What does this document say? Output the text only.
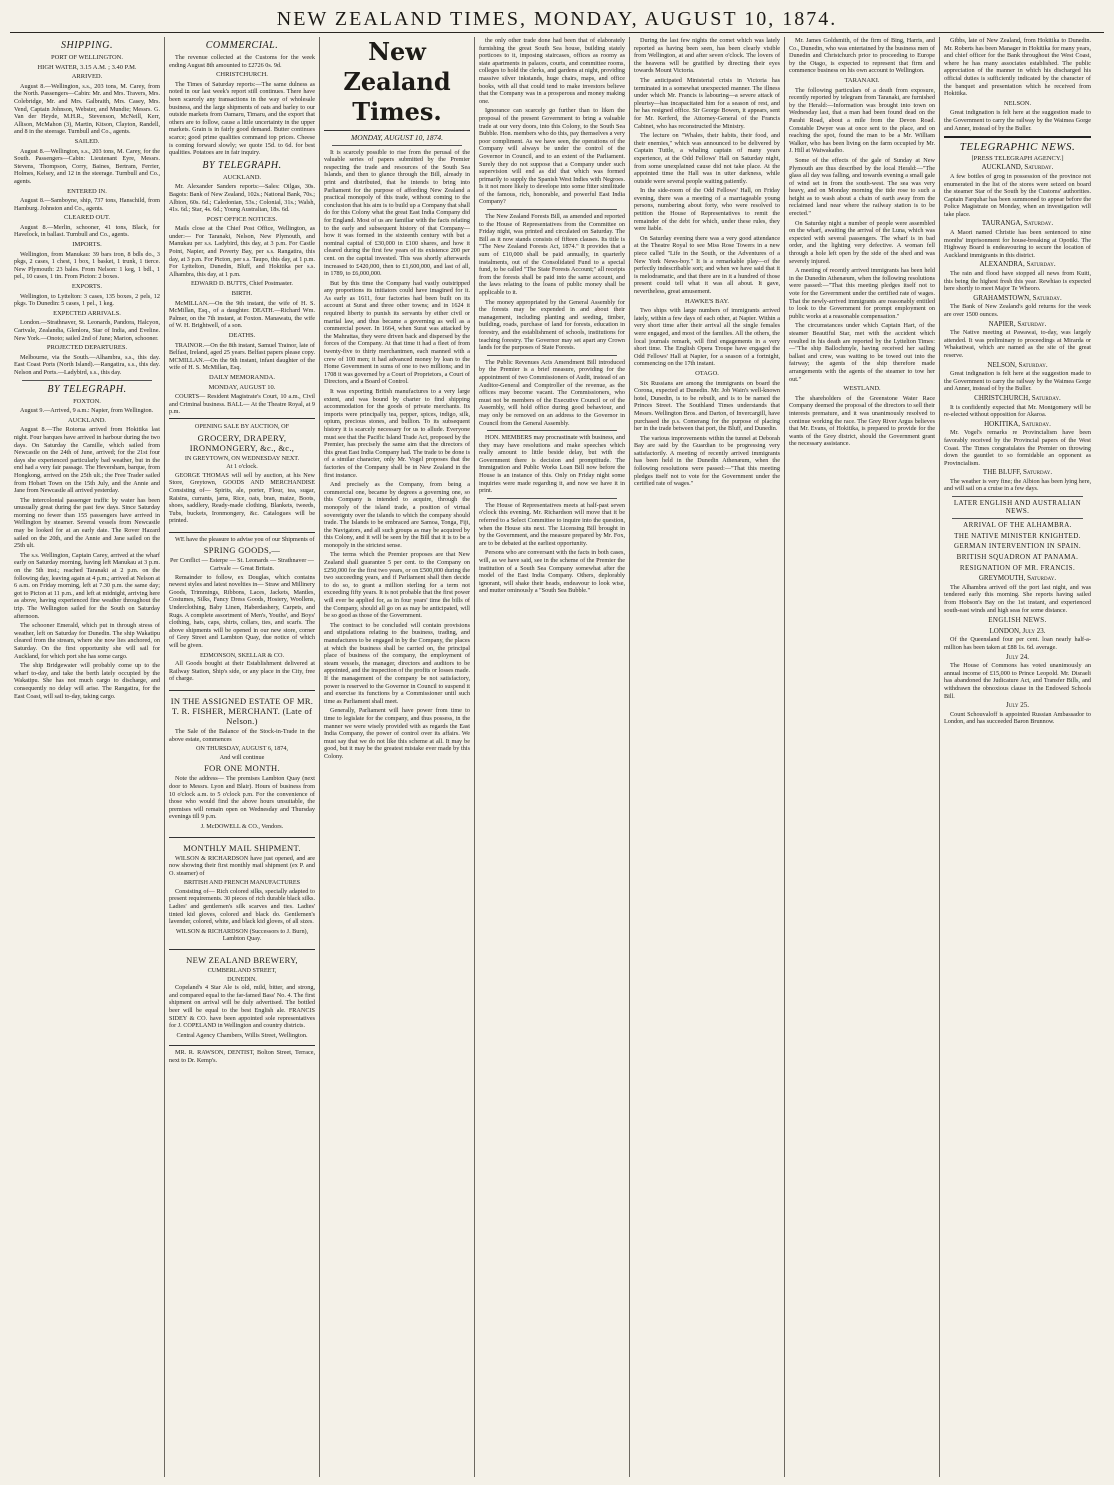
NEW ZEALAND TIMES, MONDAY, AUGUST 10, 1874.
SHIPPING.
PORT OF WELLINGTON.
HIGH WATER, 3.15 A.M. ; 3.40 P.M.
ARRIVED.

August 8.—Wellington, s.s., 203 tons, M. Carey, from the North. Passengers—Cabin: Mr. and Mrs. Travers, Mrs. Colebridge, Mr. and Mrs. Galbraith, Mrs. Casey, Mrs. Vend, Captain Johnson, Webster, and Mundie; Messrs. G. Van der Heyde, M.H.R., Stevenson, McNeill, Kerr, Allison, McMahon (3), Martin, Kitson, Clayton, Randell, and 8 in the steerage. Turnbull and Co., agents.

SAILED.

August 8.—Wellington, s.s., 203 tons, M. Carey, for the South. Passengers—Cabin: Lieutenant Eyre, Messrs. Stevens, Thompson, Corry, Baines, Bertram, Ferrier, Holmes, Kelsey, and 12 in the steerage. Turnbull and Co., agents.

ENTERED IN.

August 8.—Samboyne, ship, 737 tons, Hanschild, from Hamburg. Johnston and Co., agents.

CLEARED OUT.

August 8.—Merlin, schooner, 41 tons, Black, for Havelock, in ballast. Turnbull and Co., agents.

IMPORTS.

Wellington, from Manukau: 39 bars iron, 8 bdls do., 3 pkgs, 2 cases, 1 chest, 1 box, 1 basket, 1 trunk, 1 tierce. New Plymouth: 23 bales. From Nelson: 1 keg, 1 bdl., 1 pel., 10 cases, 1 tin. From Picton: 2 boxes.

EXPORTS.

Wellington, to Lyttelton: 3 cases, 135 boxes, 2 pels, 12 pkgs. To Dunedin: 5 cases, 1 pel., 1 keg.

EXPECTED ARRIVALS.

London.—Strathnaver, St. Leonards, Pandora, Halcyon, Cartvale, Zealandia, Glenlora, Star of India, and Eveline. New York.—Onoto; sailed 2nd of June; Marion, schooner.

PROJECTED DEPARTURES.

Melbourne, via the South.—Alhambra, s.s., this day. East Coast Ports (North Island).—Rangatira, s.s., this day. Nelson and Ports.—Ladybird, s.s., this day.

BY TELEGRAPH.
FOXTON.

August 9.—Arrived, 9 a.m.: Napier, from Wellington.

AUCKLAND.

August 8.—The Rotorua arrived from Hokitika last night. Four barques have arrived in harbour during the two days. On Saturday the Camille, which sailed from Newcastle on the 24th of June, arrived; for the 21st four days she experienced particularly bad weather, but in the end had a very fair passage. The Heversham, barque, from Hongkong, arrived on the 25th ult.; the Free Trader sailed from Hobart Town on the 15th July, and the Annie and Jane from Newcastle all arrived yesterday.

The intercolonial passenger traffic by water has been unusually great during the past few days. Since Saturday morning no fewer than 155 passengers have arrived in Wellington by steamer. Several vessels from Newcastle may be looked for at an early date. The Rover Hazard sailed on the 20th, and the Annie and Jane sailed on the 25th ult.

The s.s. Wellington, Captain Carey, arrived at the wharf early on Saturday morning, having left Manukau at 3 p.m. on the 5th inst.; reached Taranaki at 2 p.m. on the following day, leaving again at 4 p.m.; arrived at Nelson at 6 a.m. on Friday morning, left at 7.30 p.m. the same day; got to Picton at 11 p.m., and left at midnight, arriving here as above, having experienced fine weather throughout the trip. The Wellington sailed for the South on Saturday afternoon.

The schooner Emerald, which put in through stress of weather, left on Saturday for Dunedin. The ship Wakatipu cleared from the stream, where she now lies anchored, on Saturday. On the first opportunity she will sail for Auckland, for which port she has some cargo.

The ship Bridgewater will probably come up to the wharf to-day, and take the berth lately occupied by the Wakatipu. She has not much cargo to discharge, and consequently no delay will arise. The Rangatira, for the East Coast, will sail to-day, taking cargo.

COMMERCIAL.

The revenue collected at the Customs for the week ending August 8th amounted to £2726 0s. 9d.

CHRISTCHURCH.

The Times of Saturday reports:—The same dulness as noted in our last week's report still continues. There have been scarcely any transactions in the way of wholesale business, and the large shipments of oats and barley to our outside markets from Oamaru, Timaru, and the export that others are to follow, cause a little uncertainty in the upper markets. Grain is in fairly good demand. Butter continues scarce; good prime qualities command top prices. Cheese is coming forward slowly; we quote 15d. to 6d. for best qualities. Potatoes are in fair inquiry.

BY TELEGRAPH.
AUCKLAND.

Mr. Alexander Sanders reports:—Sales: Oilgas, 30s. Bagots: Bank of New Zealand, 102s.; National Bank, 70s.; Albion, 60s. 6d.; Caledonian, 53s.; Colonial, 31s.; Walsh, 41s. 6d.; Star, 4s. 6d.; Young Australian, 18s. 6d.

POST OFFICE NOTICES.

Mails close at the Chief Post Office, Wellington, as under:— For Taranaki, Nelson, New Plymouth, and Manukau per s.s. Ladybird, this day, at 3 p.m. For Castle Point, Napier, and Poverty Bay, per s.s. Rangatira, this day, at 3 p.m. For Picton, per s.s. Taupo, this day, at 1 p.m. For Lyttelton, Dunedin, Bluff, and Hokitika per s.s. Alhambra, this day, at 1 p.m.

EDWARD D. BUTTS, Chief Postmaster.
BIRTH.

McMILLAN.—On the 9th instant, the wife of H. S. McMillan, Esq., of a daughter. DEATH.—Richard Wm. Palmer, on the 7th instant, at Foxton. Manawatu, the wife of W. H. Brightwell, of a son.

DEATHS.

TRAINOR.—On the 8th instant, Samuel Trainor, late of Belfast, Ireland, aged 25 years. Belfast papers please copy. MCMILLAN.—On the 9th instant, infant daughter of the wife of H. S. McMillan, Esq.

DAILY MEMORANDA.
MONDAY, AUGUST 10.

COURTS— Resident Magistrate's Court, 10 a.m., Civil and Criminal business. BALL— At the Theatre Royal, at 9 p.m.

OPENING SALE BY AUCTION, OF
GROCERY, DRAPERY, IRONMONGERY, &c., &c.,
IN GREYTOWN, ON WEDNESDAY NEXT.
At 1 o'clock.

GEORGE THOMAS will sell by auction, at his New Store, Greytown, GOODS AND MERCHANDISE Consisting of— Spirits, ale, porter, Flour, tea, sugar, Raisins, currants, jams, Rice, oats, bran, maize, Boots, shoes, saddlery, Ready-made clothing, Blankets, tweeds, Tubs, buckets, Ironmongery, &c. Catalogues will be printed.

WE have the pleasure to advise you of our Shipments of

SPRING GOODS,—
Per Conflict — Esterpe — St. Leonards — Strathnaver — Cartvale — Great Britain.

Remainder to follow, ex Douglas, which contains newest styles and latest novelties in— Straw and Millinery Goods, Trimmings, Ribbons, Laces, Jackets, Mantles, Costumes, Silks, Fancy Dress Goods, Hosiery, Woollens, Underclothing, Baby Linen, Haberdashery, Carpets, and Rugs. A complete assortment of Men's, Youths', and Boys' clothing, hats, caps, shirts, collars, ties, and scarfs. The above shipments will be opened in our new store, corner of Grey Street and Lambton Quay, due notice of which will be given.

EDMONSON, SKELLAR & CO.

All Goods bought at their Establishment delivered at Railway Station, Ship's side, or any place in the City, free of charge.

IN THE ASSIGNED ESTATE OF MR. T. R. FISHER, MERCHANT. (Late of Nelson.)

The Sale of the Balance of the Stock-in-Trade in the above estate, commences

ON THURSDAY, AUGUST 6, 1874,
And will continue
FOR ONE MONTH.

Note the address— The premises Lambton Quay (next door to Messrs. Lyon and Blair). Hours of business from 10 o'clock a.m. to 5 o'clock p.m. For the convenience of those who would find the above hours unsuitable, the premises will remain open on Wednesday and Thursday evenings till 9 p.m.

J. McDOWELL & CO., Vendors.
MONTHLY MAIL SHIPMENT.

WILSON & RICHARDSON have just opened, and are now showing their first monthly mail shipment (ex P. and O. steamer) of

BRITISH AND FRENCH MANUFACTURES

Consisting of— Rich colored silks, specially adapted to present requirements. 30 pieces of rich durable black silks. Ladies' and gentlemen's silk scarves and ties. Ladies' tinted kid gloves, colored and black do. Gentlemen's lavender, colored, white, and black kid gloves, of all sizes.

WILSON & RICHARDSON (Successors to J. Burn), Lambton Quay.
NEW ZEALAND BREWERY,
CUMBERLAND STREET,
DUNEDIN.

Copeland's 4 Star Ale is old, mild, bitter, and strong, and compared equal to the far-famed Bass' No. 4. The first shipment on arrival will be duly advertised. The bottled beer will be equal to the best English ale. FRANCIS SIDEY & CO. have been appointed sole representatives for J. COPELAND in Wellington and country districts.

Central Agency Chambers, Willis Street, Wellington.

MR. R. RAWSON, DENTIST, Bolton Street, Terrace, next to Dr. Kemp's.

New Zealand Times.
MONDAY, AUGUST 10, 1874.

It is scarcely possible to rise from the perusal of the valuable series of papers submitted by the Premier respecting the trade and resources of the South Sea Islands, and then to glance through the Bill, already in print and distributed, that he intends to bring into Parliament for the purpose of affording New Zealand a practical monopoly of this trade, without coming to the conclusion that his aim is to build up a Company that shall do for this Colony what the great East India Company did for England. Most of us are familiar with the facts relating to the early and subsequent history of that Company—how it was formed in the sixteenth century with but a nominal capital of £30,000 in £100 shares, and how it cleared during the first few years of its existence 200 per cent. on the capital invested. This was shortly afterwards increased to £420,000, then to £1,600,000, and last of all, in 1789, to £6,000,000.

But by this time the Company had vastly outstripped any proportions its initiators could have imagined for it. As early as 1611, four factories had been built on its account at Surat and three other towns; and in 1624 it required liberty to punish its servants by either civil or martial law, and thus became a governing as well as a commercial power. In 1664, when Surat was attacked by the Mahrattas, they were driven back and dispersed by the forces of the Company. At that time it had a fleet of from twenty-five to thirty merchantmen, each manned with a crew of 100 men; it had advanced money by loan to the Home Government in sums of one to two millions; and in 1708 it was governed by a Court of Proprietors, a Court of Directors, and a Board of Control.

It was exporting British manufactures to a very large extent, and was bound by charter to find shipping accommodation for the goods of private merchants. Its imports were principally tea, pepper, spices, indigo, silk, opium, precious stones, and bullion. To its subsequent history it is scarcely necessary for us to allude. Everyone must see that the Pacific Island Trade Act, proposed by the Premier, has precisely the same aim that the directors of this great East India Company had. The trade to be done is of a similar character, only Mr. Vogel proposes that the factories of the Company shall be in New Zealand in the first instance.

And precisely as the Company, from being a commercial one, became by degrees a governing one, so this Company is intended to acquire, through the monopoly of the island trade, a position of virtual sovereignty over the islands to which the company should trade. The Islands to be embraced are Samoa, Tonga, Fiji, the Navigators, and all such groups as may be acquired by this Colony, and it will be seen by the Bill that it is to be a monopoly in the strictest sense.

The terms which the Premier proposes are that New Zealand shall guarantee 5 per cent. to the Company on £250,000 for the first two years, or on £500,000 during the two succeeding years, and if Parliament shall then decide to do so, to grant a million sterling for a term not exceeding fifty years. It is not probable that the first power will ever be applied for, as in four years' time the bills of the Company, should all go on as may be anticipated, will be so good as those of the Government.

The contract to be concluded will contain provisions and stipulations relating to the business, trading, and manufactures to be engaged in by the Company, the places at which the business shall be carried on, the principal place of business of the company, the employment of steam vessels, the manager, directors and auditors to be appointed, and the inspection of the profits or losses made. If the management of the company be not satisfactory, power is reserved to the Governor in Council to suspend it and exercise its functions by a Commissioner until such time as Parliament shall meet.

Generally, Parliament will have power from time to time to legislate for the company, and thus possess, in the manner we were wisely provided with as regards the East India Company, the power of control over its affairs. We must say that we do not like this scheme at all. It may be good, but it may be the greatest mistake ever made by this Colony.

the only other trade done had been that of elaborately furnishing the great South Sea house, building stately porticoes to it, imposing staircases, offices as roomy as state apartments in palaces, courts, and committee rooms, colleges to hold the clerks, and gardens at night, providing massive silver inkstands, huge chairs, maps, and office books, with all that could tend to make investors believe that the Company was in a prosperous and money making one.

Ignorance can scarcely go further than to liken the proposal of the present Government to bring a valuable trade at our very doors, into this Colony, to the South Sea Bubble. Hon. members who do this, pay themselves a very poor compliment. As we have seen, the operations of the Company will always be under the control of the Governor in Council, and to an extent of the Parliament. Surely they do not suppose that a Company under such supervision will end as did that which was formed primarily to supply the Spanish West Indies with Negroes. Is it not more likely to develope into some fitter similitude of the famous, rich, honorable, and powerful East India Company?

The New Zealand Forests Bill, as amended and reported to the House of Representatives from the Committee on Friday night, was printed and circulated on Saturday. The Bill as it now stands consists of fifteen clauses. Its title is "The New Zealand Forests Act, 1874." It provides that a sum of £10,000 shall be paid annually, in quarterly instalments, out of the Consolidated Fund to a special fund, to be called "The State Forests Account;" all receipts from the forests shall be paid into the same account, and the laws relating to the loans of public money shall be applicable to it.

The money appropriated by the General Assembly for the forests may be expended in and about their management, including planting and seeding, timber, building, roads, purchase of land for forests, education in forestry, and the establishment of schools, institutions for teaching forestry. The Governor may set apart any Crown lands for the purposes of State Forests.

The Public Revenues Acts Amendment Bill introduced by the Premier is a brief measure, providing for the appointment of two Commissioners of Audit, instead of an Auditor-General and Comptroller of the revenue, as the offices may become vacant. The Commissioners, who must not be members of the Executive Council or of the Assembly, will hold office during good behaviour, and may only be removed on an address to the Governor in Council from the General Assembly.

HON. MEMBERS may procrastinate with business, and they may have resolutions and make speeches which really amount to little beside delay, but with the Government there is decision and promptitude. The Immigration and Public Works Loan Bill now before the House is an instance of this. Only on Friday night some inquiries were made regarding it, and now we have it in print.

The House of Representatives meets at half-past seven o'clock this evening. Mr. Richardson will move that it be referred to a Select Committee to inquire into the question, when the House sits next. The Licensing Bill brought in by the Government, and the measure prepared by Mr. Fox, are to be debated at the earliest opportunity.

Persons who are conversant with the facts in both cases, will, as we have said, see in the scheme of the Premier the institution of a South Sea Company somewhat after the model of the East India Company. Others, deplorably ignorant, will shake their heads, endeavour to look wise, and mutter ominously a "South Sea Bubble."

During the last few nights the comet which was lately reported as having been seen, has been clearly visible from Wellington, at and after seven o'clock. The lovers of the heavens will be gratified by directing their eyes towards Mount Victoria.

The anticipated Ministerial crisis in Victoria has terminated in a somewhat unexpected manner. The illness under which Mr. Francis is labouring—a severe attack of pleurisy—has incapacitated him for a season of rest, and he has resigned office. Sir George Bowen, it appears, sent for Mr. Kerferd, the Attorney-General of the Francis Cabinet, who has reconstructed the Ministry.

The lecture on "Whales, their habits, their food, and their enemies," which was announced to be delivered by Captain Tuttle, a whaling captain of many years experience, at the Odd Fellows' Hall on Saturday night, from some unexplained cause did not take place. At the appointed time the Hall was in utter darkness, while outside were several people waiting patiently.

In the side-room of the Odd Fellows' Hall, on Friday evening, there was a meeting of a marriageable young persons, numbering about forty, who were resolved to petition the House of Representatives to remit the remainder of the debt for which, under these rules, they were liable.

On Saturday evening there was a very good attendance at the Theatre Royal to see Miss Rose Towers in a new piece called "Life in the South, or the Adventures of a New York News-boy." It is a remarkable play—of the perfectly indescribable sort; and when we have said that it is melodramatic, and that there are in it a hundred of those present could tell what it was all about. It gave, nevertheless, great amusement.

HAWKE'S BAY.

Two ships with large numbers of immigrants arrived lately, within a few days of each other, at Napier. Within a very short time after their arrival all the single females were engaged, and most of the families. All the others, the local journals remark, will find engagements in a very short time. The English Opera Troupe have engaged the Odd Fellows' Hall at Napier, for a season of a fortnight, commencing on the 17th instant.

OTAGO.

Six Russians are among the immigrants on board the Corona, expected at Dunedin. Mr. Job Wain's well-known hotel, Dunedin, is to be rebuilt, and is to be named the Princes Street. The Southland Times understands that Messrs. Wellington Bros. and Darton, of Invercargill, have purchased the p.s. Comerang for the purpose of placing her in the trade between that port, the Bluff, and Dunedin.

The various improvements within the tunnel at Deborah Bay are said by the Guardian to be progressing very satisfactorily. A meeting of recently arrived immigrants has been held in the Dunedin Athenæum, when the following resolutions were passed:—"That this meeting pledges itself not to vote for the Government under the certified rate of wages."

Mr. James Goldsmith, of the firm of Bing, Harris, and Co., Dunedin, who was entertained by the business men of Dunedin and Christchurch prior to proceeding to Europe by the Otago, is expected to represent that firm and commence business on his own account to Wellington.

TARANAKI.

The following particulars of a death from exposure, recently reported by telegram from Taranaki, are furnished by the Herald:—Information was brought into town on Wednesday last, that a man had been found dead on the Parahi Road, about a mile from the Devon Road. Constable Dwyer was at once sent to the place, and on reaching the spot, found the man to be a Mr. William Walker, who has been living on the farm occupied by Mr. J. Hill at Waiwakaiho.

Some of the effects of the gale of Sunday at New Plymouth are thus described by the local Herald:—"The glass all day was falling, and towards evening a small gale of wind set in from the south-west. The sea was very heavy, and on Monday morning the tide rose to such a height as to wash about a chain of earth away from the reclaimed land near where the railway station is to be erected."

On Saturday night a number of people were assembled on the wharf, awaiting the arrival of the Luna, which was expected with several passengers. The wharf is in bad order, and the lighting very defective. A woman fell through a hole left open by the side of the shed and was severely injured.

A meeting of recently arrived immigrants has been held in the Dunedin Athenæum, when the following resolutions were passed:—"That this meeting pledges itself not to vote for the Government under the certified rate of wages. That the newly-arrived immigrants are reasonably entitled to look to the Government for prompt employment on public works at a reasonable compensation."

The circumstances under which Captain Hart, of the steamer Beautiful Star, met with the accident which resulted in his death are reported by the Lyttelton Times:—"The ship Ballochmyle, having received her sailing ballast and crew, was waiting to be towed out into the fairway; the agents of the ship therefore made arrangements with the agents of the steamer to tow her out."

WESTLAND.

The shareholders of the Greenstone Water Race Company deemed the proposal of the directors to sell their interests premature, and it was unanimously resolved to continue working the race. The Grey River Argus believes that Mr. Evans, of Hokitika, is prepared to provide for the wants of the Grey district, should the Government grant the necessary assistance.

Gibbs, late of New Zealand, from Hokitika to Dunedin. Mr. Roberts has been Manager in Hokitika for many years, and chief officer for the Bank throughout the West Coast, where he has many associates established. The public appreciation of the manner in which his discharged his official duties is sufficiently indicated by the character of the banquet and presentation which he received from Hokitika.

NELSON.

Great indignation is felt here at the suggestion made to the Government to carry the railway by the Waimea Gorge and Anner, instead of by the Buller.

TELEGRAPHIC NEWS.
[PRESS TELEGRAPH AGENCY.]
AUCKLAND, Saturday.

A few bottles of grog in possession of the province not enumerated in the list of the stores were seized on board the steamer Star of the South by the Customs' authorities. Captain Farquhar has been summoned to appear before the Police Magistrate on Monday, when an investigation will take place.

TAURANGA, Saturday.

A Maori named Christie has been sentenced to nine months' imprisonment for house-breaking at Opotiki. The Highway Board is endeavouring to secure the location of Auckland immigrants in this district.

ALEXANDRA, Saturday.

The rain and flood have stopped all news from Kuiti, this being the highest fresh this year. Rewhiao is expected here shortly to meet Major Te Wheoro.

GRAHAMSTOWN, Saturday.

The Bank of New Zealand's gold returns for the week are over 1500 ounces.

NAPIER, Saturday.

The Native meeting at Pawawai, to-day, was largely attended. It was preliminary to proceedings at Mirarda or Whakatiwai, which are named as the site of the great reserve.

NELSON, Saturday.

Great indignation is felt here at the suggestion made to the Government to carry the railway by the Waimea Gorge and Anner, instead of by the Buller.

CHRISTCHURCH, Saturday.

It is confidently expected that Mr. Montgomery will be re-elected without opposition for Akaroa.

HOKITIKA, Saturday.

Mr. Vogel's remarks re Provincialism have been favorably received by the Provincial papers of the West Coast. The Times congratulates the Premier on throwing down the gauntlet to so formidable an opponent as Provincialism.

THE BLUFF, Saturday.

The weather is very fine; the Albion has been lying here, and will sail on a cruise in a few days.

LATER ENGLISH AND AUSTRALIAN NEWS.
ARRIVAL OF THE ALHAMBRA.
THE NATIVE MINISTER KNIGHTED.
GERMAN INTERVENTION IN SPAIN.
BRITISH SQUADRON AT PANAMA.
RESIGNATION OF MR. FRANCIS.
GREYMOUTH, Saturday.

The Alhambra arrived off the port last night, and was tendered early this morning. She reports having sailed from Hobson's Bay on the 1st instant, and experienced south-east winds and high seas for some distance.

ENGLISH NEWS.
LONDON, July 23.

Of the Queensland four per cent. loan nearly half-a-million has been taken at £88 1s. 6d. average.

July 24.

The House of Commons has voted unanimously an annual income of £15,000 to Prince Leopold. Mr. Disraeli has abandoned the Judicature Act, and Transfer Bills, and withdrawn the obnoxious clause in the Endowed Schools Bill.

July 25.

Count Schouvaloff is appointed Russian Ambassador to London, and has succeeded Baron Brunnow.
